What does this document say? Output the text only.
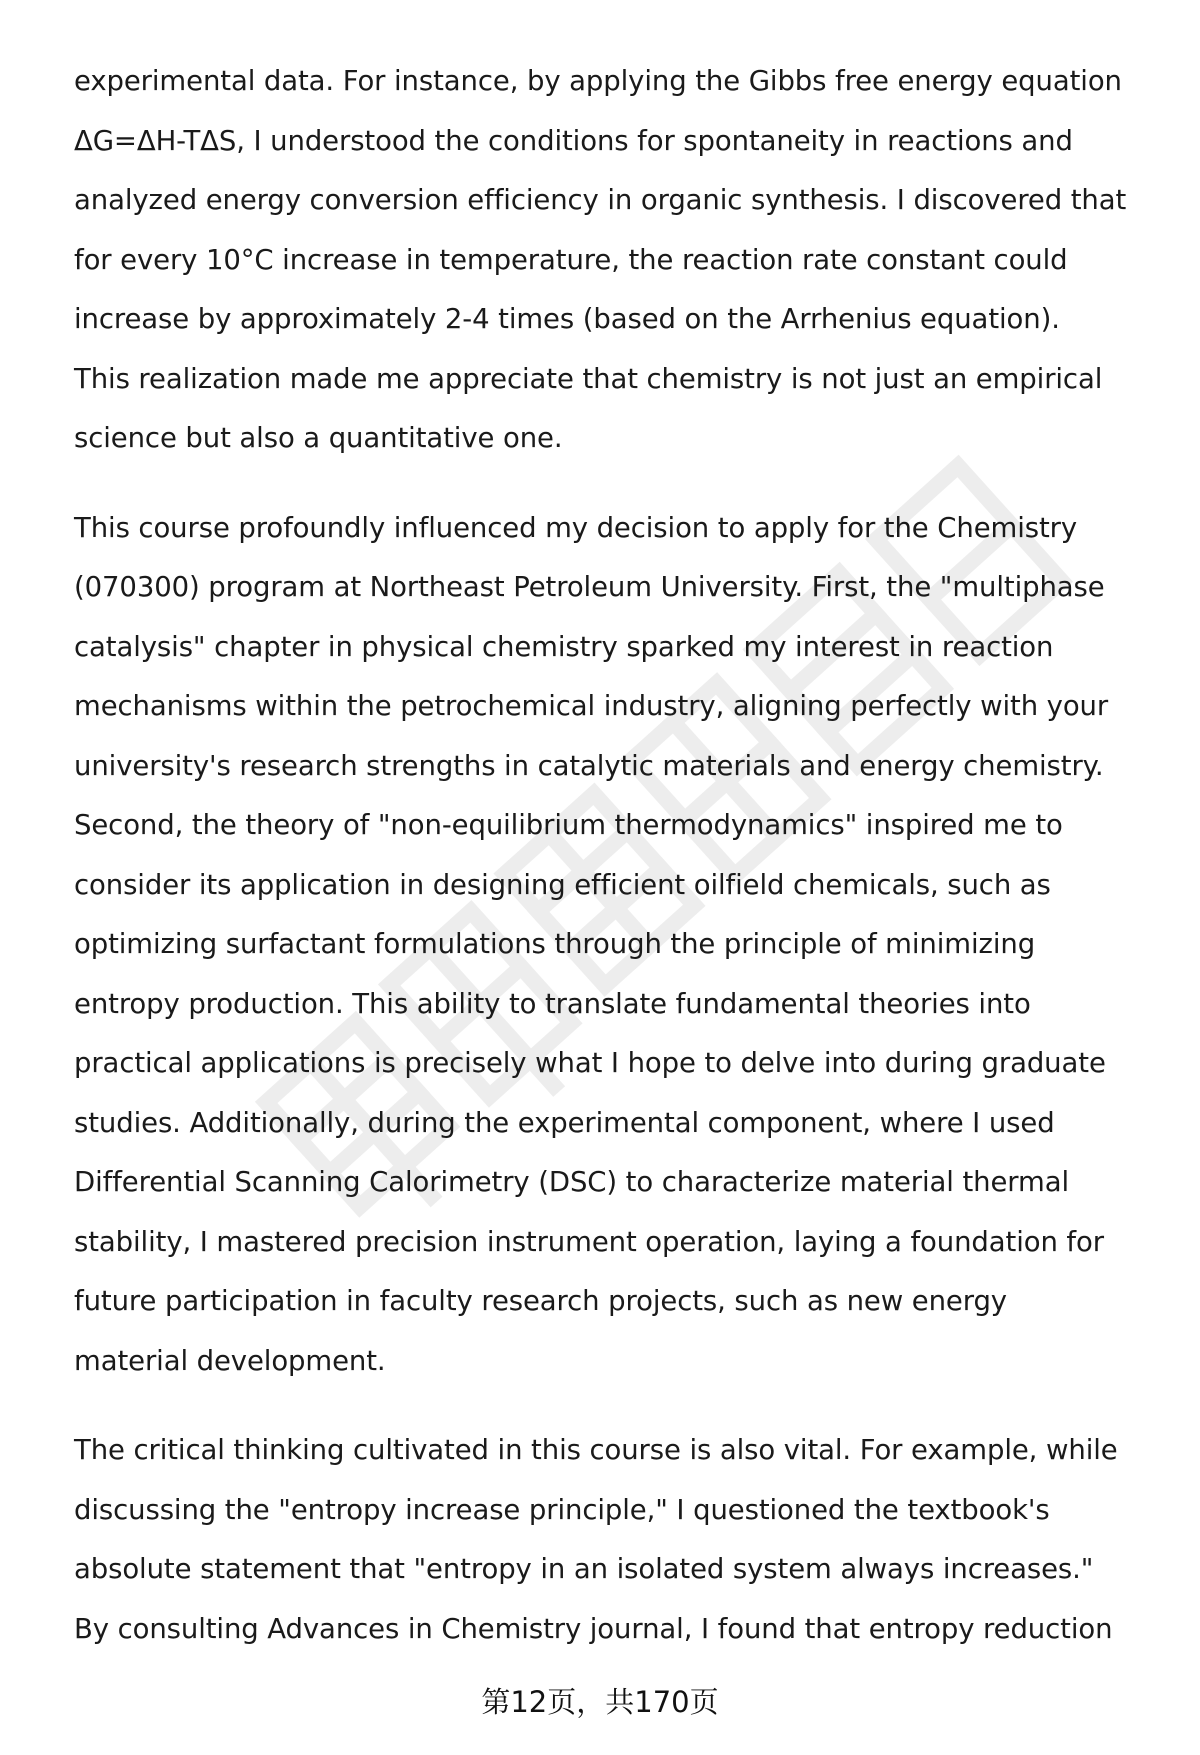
experimental data. For instance, by applying the Gibbs free energy equation
ΔG=ΔH-TΔS, I understood the conditions for spontaneity in reactions and
analyzed energy conversion efficiency in organic synthesis. I discovered that
for every 10°C increase in temperature, the reaction rate constant could
increase by approximately 2-4 times (based on the Arrhenius equation).
This realization made me appreciate that chemistry is not just an empirical
science but also a quantitative one.

This course profoundly influenced my decision to apply for the Chemistry
(070300) program at Northeast Petroleum University. First, the "multiphase
catalysis" chapter in physical chemistry sparked my interest in reaction
mechanisms within the petrochemical industry, aligning perfectly with your
university's research strengths in catalytic materials and energy chemistry.
Second, the theory of "non-equilibrium thermodynamics" inspired me to
consider its application in designing efficient oilfield chemicals, such as
optimizing surfactant formulations through the principle of minimizing
entropy production. This ability to translate fundamental theories into
practical applications is precisely what I hope to delve into during graduate
studies. Additionally, during the experimental component, where I used
Differential Scanning Calorimetry (DSC) to characterize material thermal
stability, I mastered precision instrument operation, laying a foundation for
future participation in faculty research projects, such as new energy
material development.

The critical thinking cultivated in this course is also vital. For example, while
discussing the "entropy increase principle," I questioned the textbook's
absolute statement that "entropy in an isolated system always increases."
By consulting Advances in Chemistry journal, I found that entropy reduction

第12页，共170页
